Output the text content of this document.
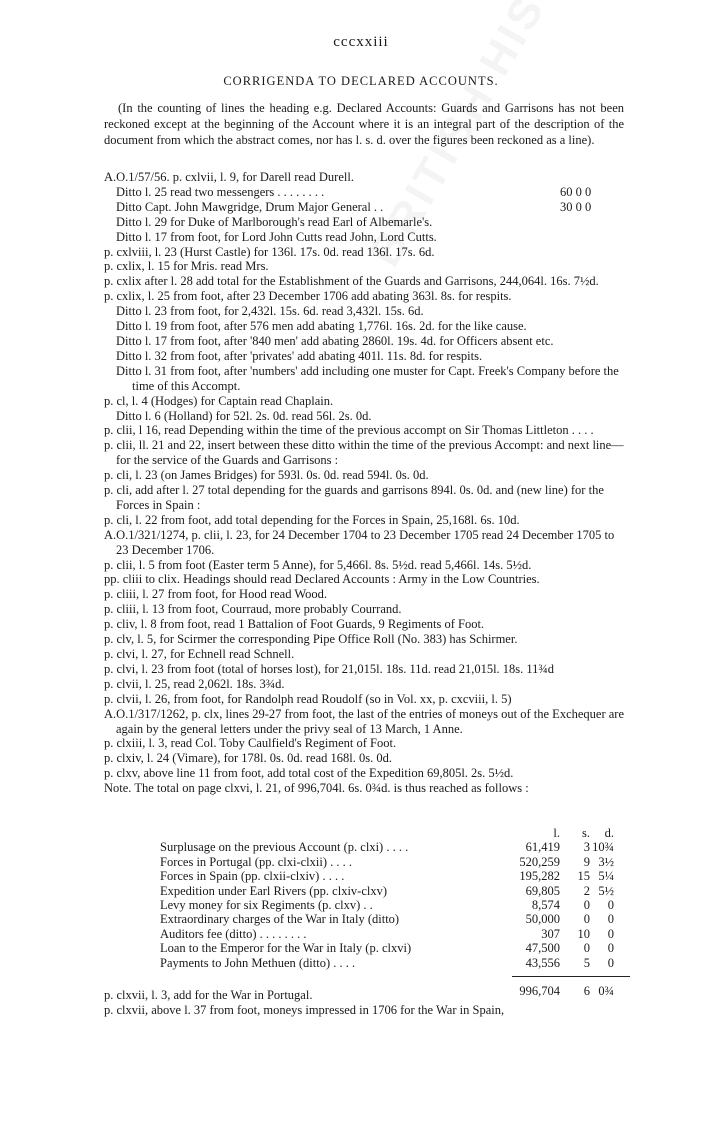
cccxxiii
CORRIGENDA TO DECLARED ACCOUNTS.

(In the counting of lines the heading e.g. Declared Accounts: Guards and Garrisons has not been reckoned except at the beginning of the Account where it is an integral part of the description of the document from which the abstract comes, nor has l. s. d. over the figures been reckoned as a line).

A.O.1/57/56. p. cxlvii, l. 9, for Darell read Durell.
Ditto l. 25 read two messengers . . . . . . . .	60 0 0
Ditto Capt. John Mawgridge, Drum Major General . .	30 0 0
Ditto l. 29 for Duke of Marlborough's read Earl of Albemarle's.
Ditto l. 17 from foot, for Lord John Cutts read John, Lord Cutts.
p. cxlviii, l. 23 (Hurst Castle) for 136l. 17s. 0d. read 136l. 17s. 6d.
p. cxlix, l. 15 for Mris. read Mrs.
p. cxlix after l. 28 add total for the Establishment of the Guards and Garrisons, 244,064l. 16s. 7½d.
p. cxlix, l. 25 from foot, after 23 December 1706 add abating 363l. 8s. for respits.
Ditto l. 23 from foot, for 2,432l. 15s. 6d. read 3,432l. 15s. 6d.
Ditto l. 19 from foot, after 576 men add abating 1,776l. 16s. 2d. for the like cause.
Ditto l. 17 from foot, after '840 men' add abating 2860l. 19s. 4d. for Officers absent etc.
Ditto l. 32 from foot, after 'privates' add abating 401l. 11s. 8d. for respits.
Ditto l. 31 from foot, after 'numbers' add including one muster for Capt. Freek's Company before the time of this Accompt.
p. cl, l. 4 (Hodges) for Captain read Chaplain.
Ditto l. 6 (Holland) for 52l. 2s. 0d. read 56l. 2s. 0d.
p. clii, l 16, read Depending within the time of the previous accompt on Sir Thomas Littleton . . . .
p. clii, ll. 21 and 22, insert between these ditto within the time of the previous Accompt: and next line—for the service of the Guards and Garrisons :
p. cli, l. 23 (on James Bridges) for 593l. 0s. 0d. read 594l. 0s. 0d.
p. cli, add after l. 27 total depending for the guards and garrisons 894l. 0s. 0d. and (new line) for the Forces in Spain :
p. cli, l. 22 from foot, add total depending for the Forces in Spain, 25,168l. 6s. 10d.
A.O.1/321/1274, p. clii, l. 23, for 24 December 1704 to 23 December 1705 read 24 December 1705 to 23 December 1706.
p. clii, l. 5 from foot (Easter term 5 Anne), for 5,466l. 8s. 5½d. read 5,466l. 14s. 5½d.
pp. cliii to clix. Headings should read Declared Accounts : Army in the Low Countries.
p. cliii, l. 27 from foot, for Hood read Wood.
p. cliii, l. 13 from foot, Courraud, more probably Courrand.
p. cliv, l. 8 from foot, read 1 Battalion of Foot Guards, 9 Regiments of Foot.
p. clv, l. 5, for Scirmer the corresponding Pipe Office Roll (No. 383) has Schirmer.
p. clvi, l. 27, for Echnell read Schnell.
p. clvi, l. 23 from foot (total of horses lost), for 21,015l. 18s. 11d. read 21,015l. 18s. 11¾d
p. clvii, l. 25, read 2,062l. 18s. 3¾d.
p. clvii, l. 26, from foot, for Randolph read Roudolf (so in Vol. xx, p. cxcviii, l. 5)
A.O.1/317/1262, p. clx, lines 29-27 from foot, the last of the entries of moneys out of the Exchequer are again by the general letters under the privy seal of 13 March, 1 Anne.
p. clxiii, l. 3, read Col. Toby Caulfield's Regiment of Foot.
p. clxiv, l. 24 (Vimare), for 178l. 0s. 0d. read 168l. 0s. 0d.
p. clxv, above line 11 from foot, add total cost of the Expedition 69,805l. 2s. 5½d.
Note. The total on page clxvi, l. 21, of 996,704l. 6s. 0¾d. is thus reached as follows :
l. s. d.
Surplusage on the previous Account (p. clxi) . . . .	61,419 3 10¾
Forces in Portugal (pp. clxi-clxii) . . . .	520,259 9 3½
Forces in Spain (pp. clxii-clxiv) . . . .	195,282 15 5¼
Expedition under Earl Rivers (pp. clxiv-clxv)	69,805 2 5½
Levy money for six Regiments (p. clxv) . .	8,574 0 0
Extraordinary charges of the War in Italy (ditto)	50,000 0 0
Auditors fee (ditto) . . . . . . . .	307 10 0
Loan to the Emperor for the War in Italy (p. clxvi)	47,500 0 0
Payments to John Methuen (ditto) . . . .	43,556 5 0
996,704 6 0¾
p. clxvii, l. 3, add for the War in Portugal.
p. clxvii, above l. 37 from foot, moneys impressed in 1706 for the War in Spain,
